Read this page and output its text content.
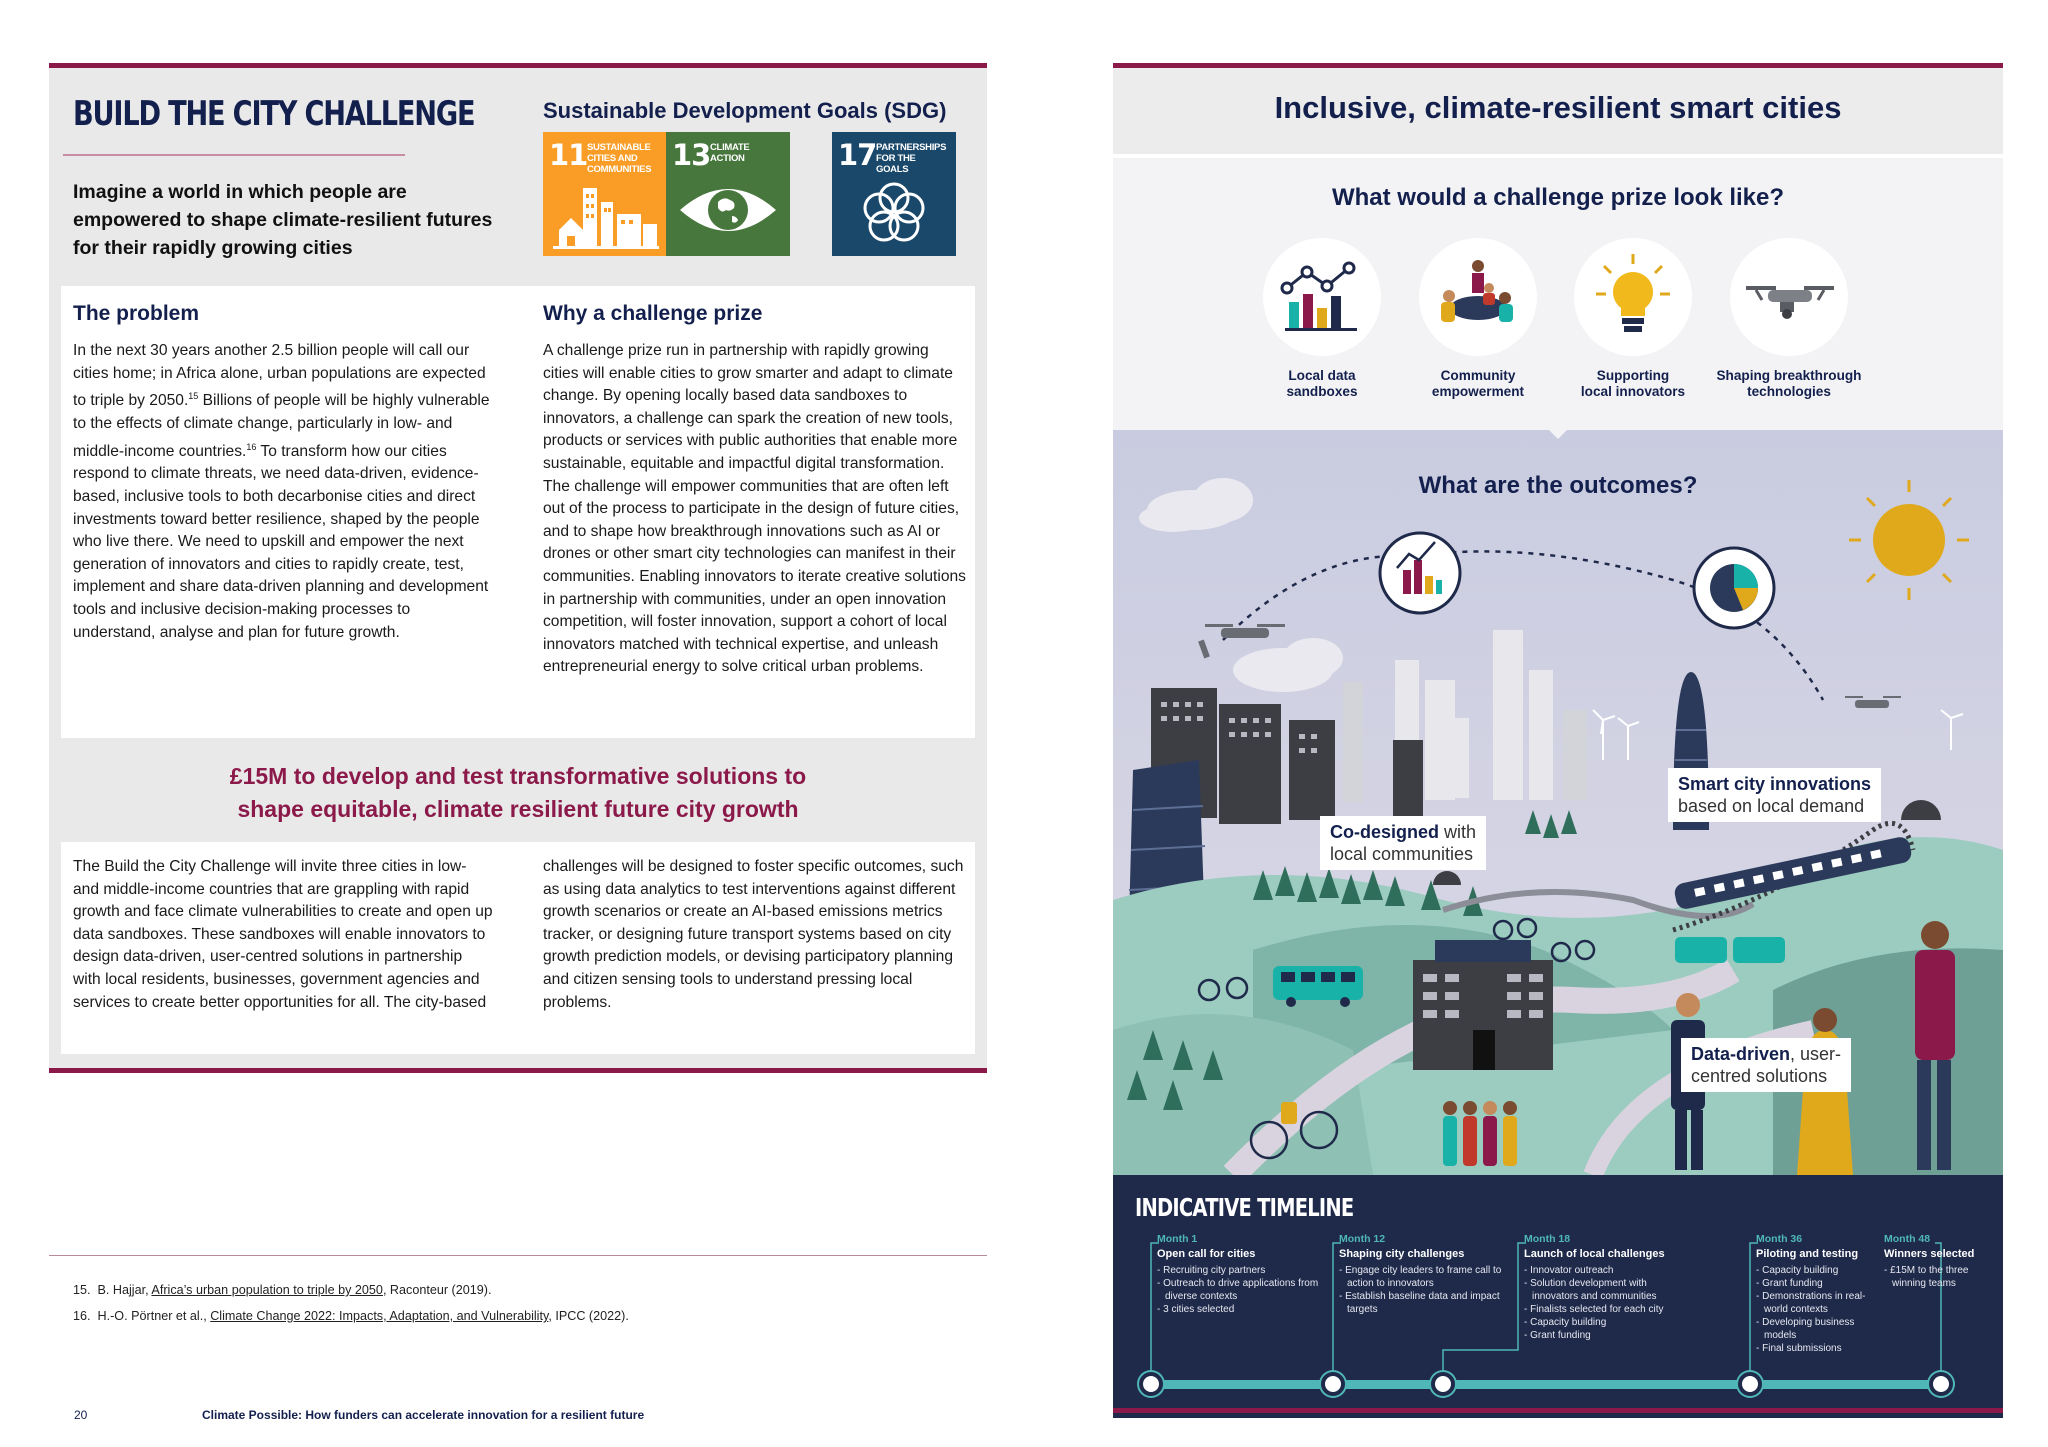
BUILD THE CITY CHALLENGE

Imagine a world in which people are empowered to shape climate-resilient futures for their rapidly growing cities

Sustainable Development Goals (SDG)
11 SUSTAINABLE CITIES AND COMMUNITIES 13 CLIMATE ACTION	17 PARTNERSHIPS FOR THE GOALS
The problem
In the next 30 years another 2.5 billion people will call our cities home; in Africa alone, urban populations are expected to triple by 2050.15 Billions of people will be highly vulnerable to the effects of climate change, particularly in low- and middle-income countries.$^{16}$ To transform how our cities respond to climate threats, we need data-driven, evidence-based, inclusive tools to both decarbonise cities and direct investments toward better resilience, shaped by the people who live there. We need to upskill and empower the next generation of innovators and cities to rapidly create, test, implement and share data-driven planning and development tools and inclusive decision-making processes to understand, analyse and plan for future growth.
Why a challenge prize
A challenge prize run in partnership with rapidly growing cities will enable cities to grow smarter and adapt to climate change. By opening locally based data sandboxes to innovators, a challenge can spark the creation of new tools, products or services with public authorities that enable more sustainable, equitable and impactful digital transformation. The challenge will empower communities that are often left out of the process to participate in the design of future cities, and to shape how breakthrough innovations such as AI or drones or other smart city technologies can manifest in their communities. Enabling innovators to iterate creative solutions in partnership with communities, under an open innovation competition, will foster innovation, support a cohort of local innovators matched with technical expertise, and unleash entrepreneurial energy to solve critical urban problems.
£15M to develop and test transformative solutions to
shape equitable, climate resilient future city growth
The Build the City Challenge will invite three cities in low- and middle-income countries that are grappling with rapid growth and face climate vulnerabilities to create and open up data sandboxes. These sandboxes will enable innovators to design data-driven, user-centred solutions in partnership with local residents, businesses, government agencies and services to create better opportunities for all. The city-based
challenges will be designed to foster specific outcomes, such as using data analytics to test interventions against different growth scenarios or create an AI-based emissions metrics tracker, or designing future transport systems based on city growth prediction models, or devising participatory planning and citizen sensing tools to understand pressing local problems.
15. B. Hajjar, Africa’s urban population to triple by 2050, Raconteur (2019).
16. H.-O. Pörtner et al., Climate Change 2022: Impacts, Adaptation, and Vulnerability, IPCC (2022).
20	Climate Possible: How funders can accelerate innovation for a resilient future
Inclusive, climate-resilient smart cities
What would a challenge prize look like?
Local data
sandboxes
Community
empowerment
Supporting
local innovators
Shaping breakthrough
technologies
What are the outcomes?
Smart city innovations
based on local demand
Co-designed with
local communities
Data-driven, user-
centred solutions
INDICATIVE TIMELINE
Month 1
Open call for cities
- Recruiting city partners
- Outreach to drive applications from diverse contexts
- 3 cities selected
Month 12
Shaping city challenges
- Engage city leaders to frame call to action to innovators
- Establish baseline data and impact targets
Month 18
Launch of local challenges
- Innovator outreach
- Solution development with innovators and communities
- Finalists selected for each city
- Capacity building
- Grant funding
Month 36
Piloting and testing
- Capacity building
- Grant funding
- Demonstrations in real-world contexts
- Developing business models
- Final submissions
Month 48
Winners selected
- £15M to the three winning teams
